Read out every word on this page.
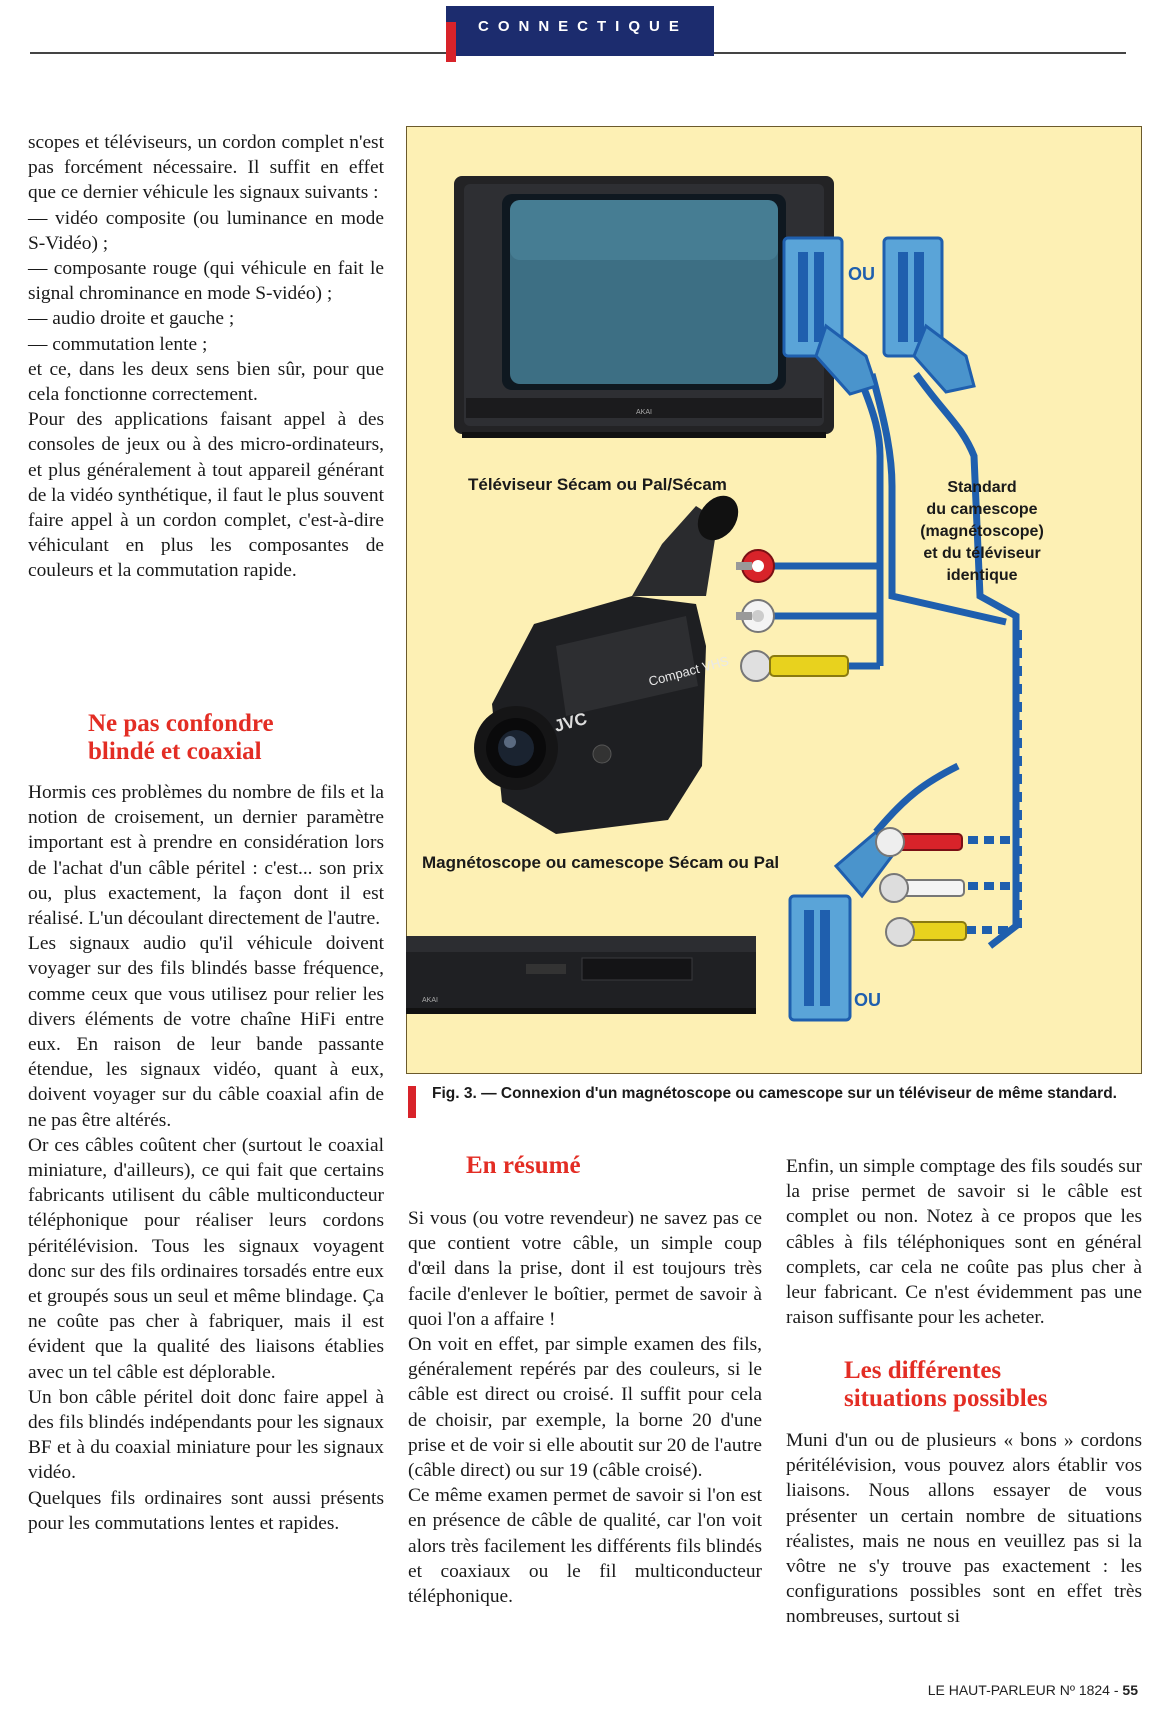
CONNECTIQUE

scopes et téléviseurs, un cordon complet n'est pas forcément nécessaire. Il suffit en effet que ce dernier véhicule les signaux suivants :

— vidéo composite (ou luminance en mode S-Vidéo) ;

— composante rouge (qui véhicule en fait le signal chrominance en mode S-vidéo) ;

— audio droite et gauche ;

— commutation lente ;

et ce, dans les deux sens bien sûr, pour que cela fonctionne correctement.

Pour des applications faisant appel à des consoles de jeux ou à des micro-ordinateurs, et plus généralement à tout appareil générant de la vidéo synthétique, il faut le plus souvent faire appel à un cordon complet, c'est-à-dire véhiculant en plus les composantes de couleurs et la commutation rapide.

Ne pas confondre
blindé et coaxial

Hormis ces problèmes du nombre de fils et la notion de croisement, un dernier paramètre important est à prendre en considération lors de l'achat d'un câble péritel : c'est... son prix ou, plus exactement, la façon dont il est réalisé. L'un découlant directement de l'autre.

Les signaux audio qu'il véhicule doivent voyager sur des fils blindés basse fréquence, comme ceux que vous utilisez pour relier les divers éléments de votre chaîne HiFi entre eux. En raison de leur bande passante étendue, les signaux vidéo, quant à eux, doivent voyager sur du câble coaxial afin de ne pas être altérés.

Or ces câbles coûtent cher (surtout le coaxial miniature, d'ailleurs), ce qui fait que certains fabricants utilisent du câble multiconducteur téléphonique pour réaliser leurs cordons péritélévision. Tous les signaux voyagent donc sur des fils ordinaires torsadés entre eux et groupés sous un seul et même blindage. Ça ne coûte pas cher à fabriquer, mais il est évident que la qualité des liaisons établies avec un tel câble est déplorable.

Un bon câble péritel doit donc faire appel à des fils blindés indépendants pour les signaux BF et à du coaxial miniature pour les signaux vidéo.

Quelques fils ordinaires sont aussi présents pour les commutations lentes et rapides.

AKAI
Téléviseur Sécam ou Pal/Sécam
Compact VHS
JVC
Magnétoscope ou camescope Sécam ou Pal
AKAI
OU
Standard
du camescope
(magnétoscope)
et du téléviseur
identique
OU
Fig. 3. — Connexion d'un magnétoscope ou camescope sur un téléviseur de même standard.
En résumé

Si vous (ou votre revendeur) ne savez pas ce que contient votre câble, un simple coup d'œil dans la prise, dont il est toujours très facile d'enlever le boîtier, permet de savoir à quoi l'on a affaire !

On voit en effet, par simple examen des fils, généralement repérés par des couleurs, si le câble est direct ou croisé. Il suffit pour cela de choisir, par exemple, la borne 20 d'une prise et de voir si elle aboutit sur 20 de l'autre (câble direct) ou sur 19 (câble croisé).

Ce même examen permet de savoir si l'on est en présence de câble de qualité, car l'on voit alors très facilement les différents fils blindés et coaxiaux ou le fil multiconducteur téléphonique.

Enfin, un simple comptage des fils soudés sur la prise permet de savoir si le câble est complet ou non. Notez à ce propos que les câbles à fils téléphoniques sont en général complets, car cela ne coûte pas plus cher à leur fabricant. Ce n'est évidemment pas une raison suffisante pour les acheter.

Les différentes
situations possibles

Muni d'un ou de plusieurs « bons » cordons péritélévision, vous pouvez alors établir vos liaisons. Nous allons essayer de vous présenter un certain nombre de situations réalistes, mais ne nous en veuillez pas si la vôtre ne s'y trouve pas exactement : les configurations possibles sont en effet très nombreuses, surtout si

LE HAUT-PARLEUR Nº 1824 - 55
